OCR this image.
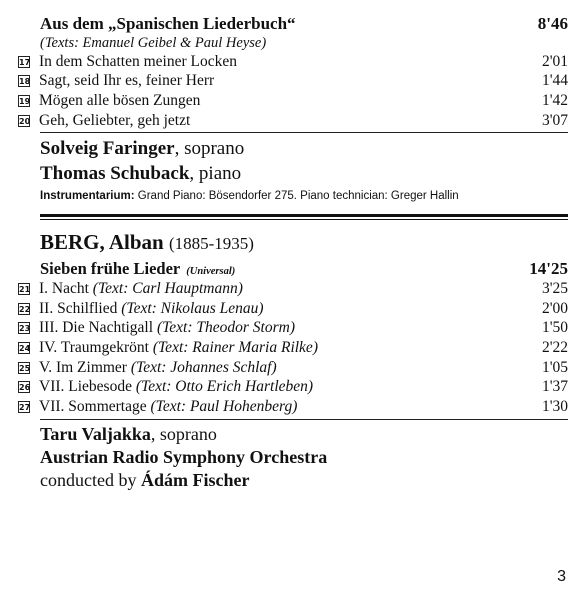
Aus dem „Spanischen Liederbuch“	8'46
(Texts: Emanuel Geibel & Paul Heyse)
17 In dem Schatten meiner Locken	2'01
18 Sagt, seid Ihr es, feiner Herr	1'44
19 Mögen alle bösen Zungen	1'42
20 Geh, Geliebter, geh jetzt	3'07
Solveig Faringer, soprano
Thomas Schuback, piano
Instrumentarium: Grand Piano: Bösendorfer 275. Piano technician: Greger Hallin
BERG, Alban (1885-1935)
Sieben frühe Lieder (Universal)	14'25
21 I. Nacht (Text: Carl Hauptmann)	3'25
22 II. Schilflied (Text: Nikolaus Lenau)	2'00
23 III. Die Nachtigall (Text: Theodor Storm)	1'50
24 IV. Traumgekrönt (Text: Rainer Maria Rilke)	2'22
25 V. Im Zimmer (Text: Johannes Schlaf)	1'05
26 VII. Liebesode (Text: Otto Erich Hartleben)	1'37
27 VII. Sommertage (Text: Paul Hohenberg)	1'30
Taru Valjakka, soprano
Austrian Radio Symphony Orchestra
conducted by Ádám Fischer
3
